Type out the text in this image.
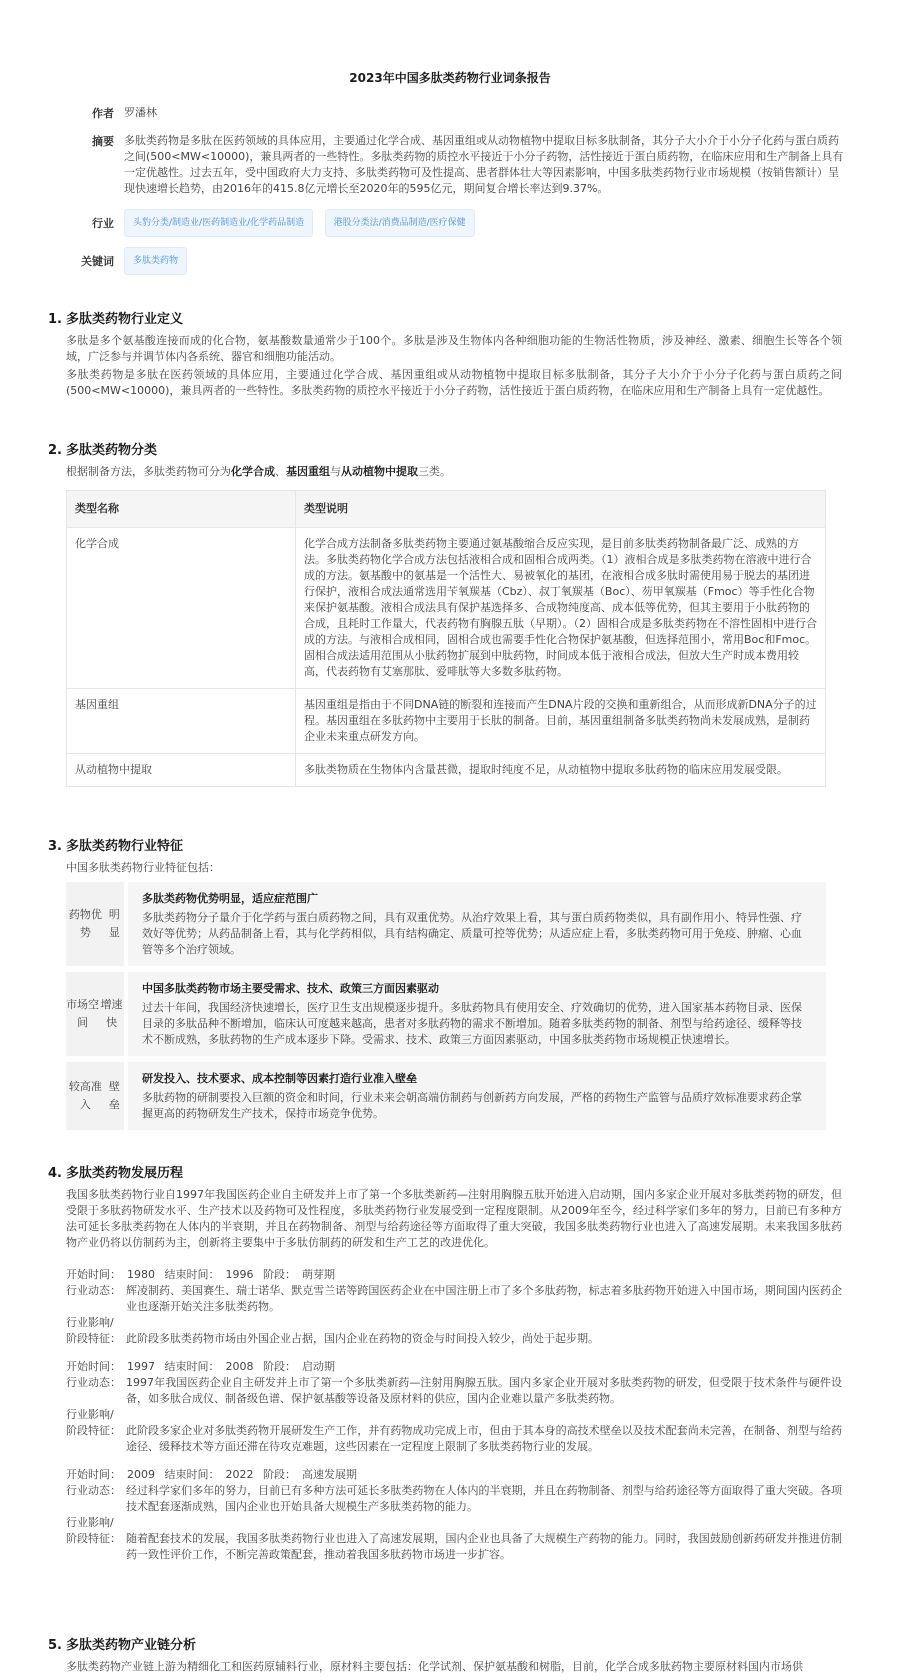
2023年中国多肽类药物行业词条报告
作者 罗潘林
摘要 多肽类药物是多肽在医药领域的具体应用，主要通过化学合成、基因重组或从动物植物中提取目标多肽制备，其分子大小介于小分子化药与蛋白质药之间(500<MW<10000)，兼具两者的一些特性。多肽类药物的质控水平接近于小分子药物，活性接近于蛋白质药物，在临床应用和生产制备上具有一定优越性。过去五年，受中国政府大力支持、多肽类药物可及性提高、患者群体壮大等因素影响，中国多肽类药物行业市场规模（按销售额计）呈现快速增长趋势，由2016年的415.8亿元增长至2020年的595亿元，期间复合增长率达到9.37%。
行业	头豹分类/制造业/医药制造业/化学药品制造	港股分类法/消费品制造/医疗保健
关键词	多肽类药物
1. 多肽类药物行业定义

多肽是多个氨基酸连接而成的化合物，氨基酸数量通常少于100个。多肽是涉及生物体内各种细胞功能的生物活性物质，涉及神经、激素、细胞生长等各个领域，广泛参与并调节体内各系统、器官和细胞功能活动。

多肽类药物是多肽在医药领域的具体应用，主要通过化学合成、基因重组或从动物植物中提取目标多肽制备，其分子大小介于小分子化药与蛋白质药之间(500<MW<10000)，兼具两者的一些特性。多肽类药物的质控水平接近于小分子药物，活性接近于蛋白质药物，在临床应用和生产制备上具有一定优越性。

2. 多肽类药物分类

根据制备方法，多肽类药物可分为化学合成、基因重组与从动植物中提取三类。

类型名称	类型说明
化学合成	化学合成方法制备多肽类药物主要通过氨基酸缩合反应实现，是目前多肽类药物制备最广泛、成熟的方法。多肽类药物化学合成方法包括液相合成和固相合成两类。（1）液相合成是多肽类药物在溶液中进行合成的方法。氨基酸中的氨基是一个活性大、易被氧化的基团，在液相合成多肽时需使用易于脱去的基团进行保护，液相合成法通常选用苄氧羰基（Cbz）、叔丁氧羰基（Boc）、芴甲氧羰基（Fmoc）等手性化合物来保护氨基酸。液相合成法具有保护基选择多、合成物纯度高、成本低等优势，但其主要用于小肽药物的合成，且耗时工作量大，代表药物有胸腺五肽（早期）。（2）固相合成是多肽类药物在不溶性固相中进行合成的方法。与液相合成相同，固相合成也需要手性化合物保护氨基酸，但选择范围小，常用Boc和Fmoc。固相合成法适用范围从小肽药物扩展到中肽药物，时间成本低于液相合成法，但放大生产时成本费用较高，代表药物有艾塞那肽、爱啡肽等大多数多肽药物。
基因重组	基因重组是指由于不同DNA链的断裂和连接而产生DNA片段的交换和重新组合，从而形成新DNA分子的过程。基因重组在多肽药物中主要用于长肽的制备。目前，基因重组制备多肽类药物尚未发展成熟，是制药企业未来重点研发方向。
从动植物中提取	多肽类物质在生物体内含量甚微，提取时纯度不足，从动植物中提取多肽药物的临床应用发展受限。
3. 多肽类药物行业特征

中国多肽类药物行业特征包括：

药物优势

明显
多肽类药物优势明显，适应症范围广
多肽类药物分子量介于化学药与蛋白质药物之间，具有双重优势。从治疗效果上看，其与蛋白质药物类似，具有副作用小、特异性强、疗效好等优势；从药品制备上看，其与化学药相似，具有结构确定、质量可控等优势；从适应症上看，多肽类药物可用于免疫、肿瘤、心血管等多个治疗领域。
市场空间

增速快
中国多肽类药物市场主要受需求、技术、政策三方面因素驱动
过去十年间，我国经济快速增长，医疗卫生支出规模逐步提升。多肽药物具有使用安全、疗效确切的优势，进入国家基本药物目录、医保目录的多肽品种不断增加，临床认可度越来越高，患者对多肽药物的需求不断增加。随着多肽类药物的制备、剂型与给药途径、缓释等技术不断成熟，多肽药物的生产成本逐步下降。受需求、技术、政策三方面因素驱动，中国多肽类药物市场规模正快速增长。
较高准入

壁垒
研发投入、技术要求、成本控制等因素打造行业准入壁垒
多肽药物的研制要投入巨额的资金和时间，行业未来会朝高端仿制药与创新药方向发展，严格的药物生产监管与品质疗效标准要求药企掌握更高的药物研发生产技术，保持市场竞争优势。
4. 多肽类药物发展历程

我国多肽类药物行业自1997年我国医药企业自主研发并上市了第一个多肽类新药—注射用胸腺五肽开始进入启动期，国内多家企业开展对多肽类药物的研发，但受限于多肽药物研发水平、生产技术以及药物可及性程度，多肽类药物行业发展受到一定程度限制。从2009年至今，经过科学家们多年的努力，目前已有多种方法可延长多肽类药物在人体内的半衰期，并且在药物制备、剂型与给药途径等方面取得了重大突破，我国多肽类药物行业也进入了高速发展期。未来我国多肽药物产业仍将以仿制药为主，创新将主要集中于多肽仿制药的研发和生产工艺的改进优化。

开始时间： 1980 结束时间： 1996 阶段： 萌芽期
行业动态： 辉凌制药、美国赛生、瑞士诺华、默克雪兰诺等跨国医药企业在中国注册上市了多个多肽药物，标志着多肽药物开始进入中国市场，期间国内医药企业也逐渐开始关注多肽类药物。
行业影响/
阶段特征： 此阶段多肽类药物市场由外国企业占据，国内企业在药物的资金与时间投入较少，尚处于起步期。
开始时间： 1997 结束时间： 2008 阶段： 启动期
行业动态： 1997年我国医药企业自主研发并上市了第一个多肽类新药—注射用胸腺五肽。国内多家企业开展对多肽类药物的研发，但受限于技术条件与硬件设备，如多肽合成仪、制备级色谱、保护氨基酸等设备及原材料的供应，国内企业难以量产多肽类药物。
行业影响/
阶段特征： 此阶段多家企业对多肽类药物开展研发生产工作，并有药物成功完成上市，但由于其本身的高技术壁垒以及技术配套尚未完善，在制备、剂型与给药途径、缓释技术等方面还滞在待攻克难题，这些因素在一定程度上限制了多肽类药物行业的发展。
开始时间： 2009 结束时间： 2022 阶段： 高速发展期
行业动态： 经过科学家们多年的努力，目前已有多种方法可延长多肽类药物在人体内的半衰期，并且在药物制备、剂型与给药途径等方面取得了重大突破。各项技术配套逐渐成熟，国内企业也开始具备大规模生产多肽类药物的能力。
行业影响/
阶段特征： 随着配套技术的发展，我国多肽类药物行业也进入了高速发展期，国内企业也具备了大规模生产药物的能力。同时，我国鼓励创新药研发并推进仿制药一致性评价工作，不断完善政策配套，推动着我国多肽药物市场进一步扩容。
5. 多肽类药物产业链分析

多肽类药物产业链上游为精细化工和医药原辅料行业，原材料主要包括：化学试剂、保护氨基酸和树脂，目前，化学合成多肽药物主要原材料国内市场供
